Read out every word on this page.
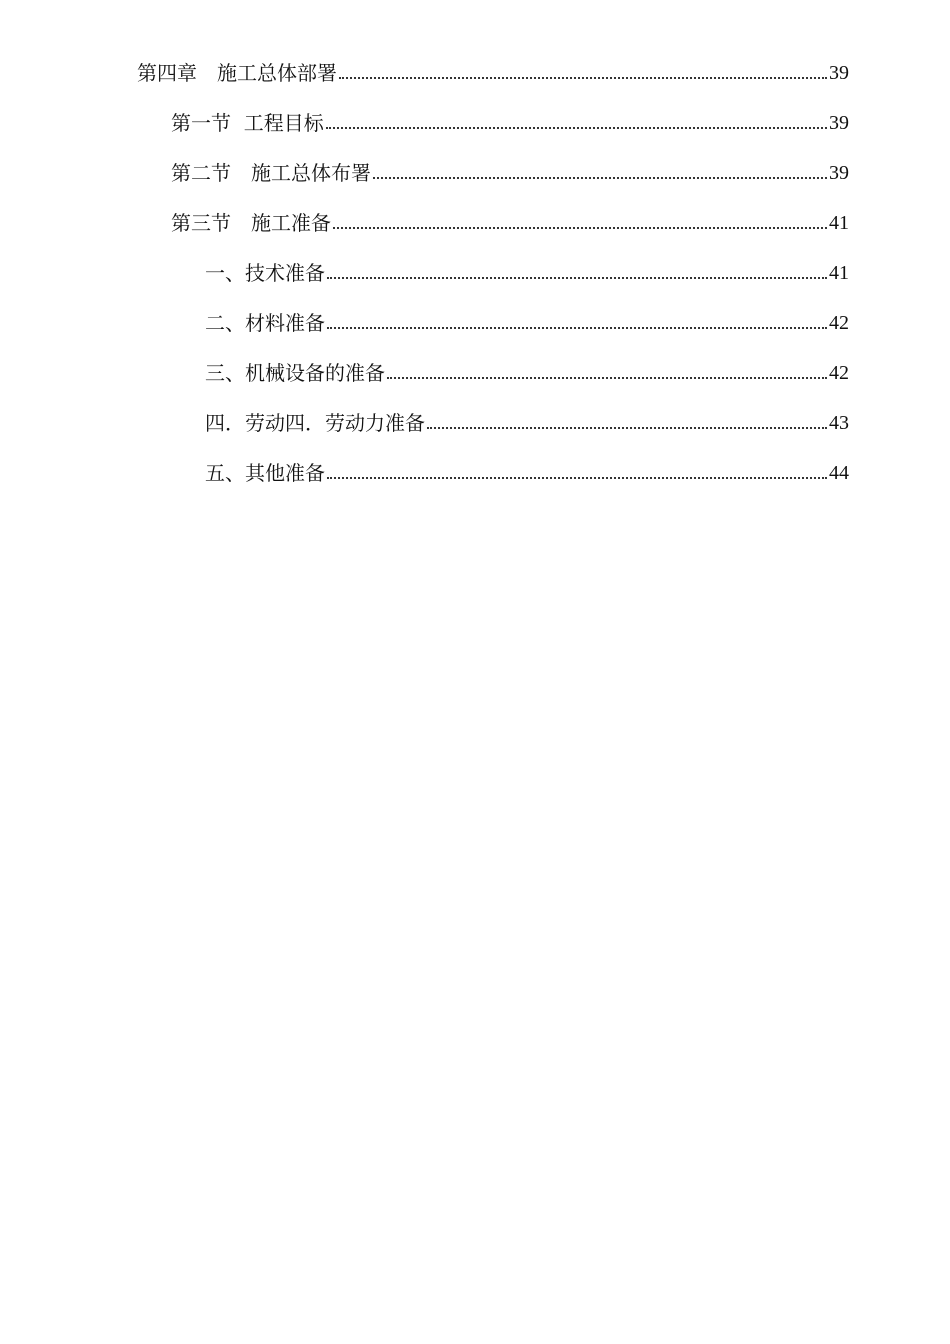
第四章　施工总体部署	39
第一节  工程目标	39
第二节　施工总体布署	39
第三节　施工准备	41
一、技术准备	41
二、材料准备	42
三、机械设备的准备	42
四．劳动四．劳动力准备	43
五、其他准备	44
